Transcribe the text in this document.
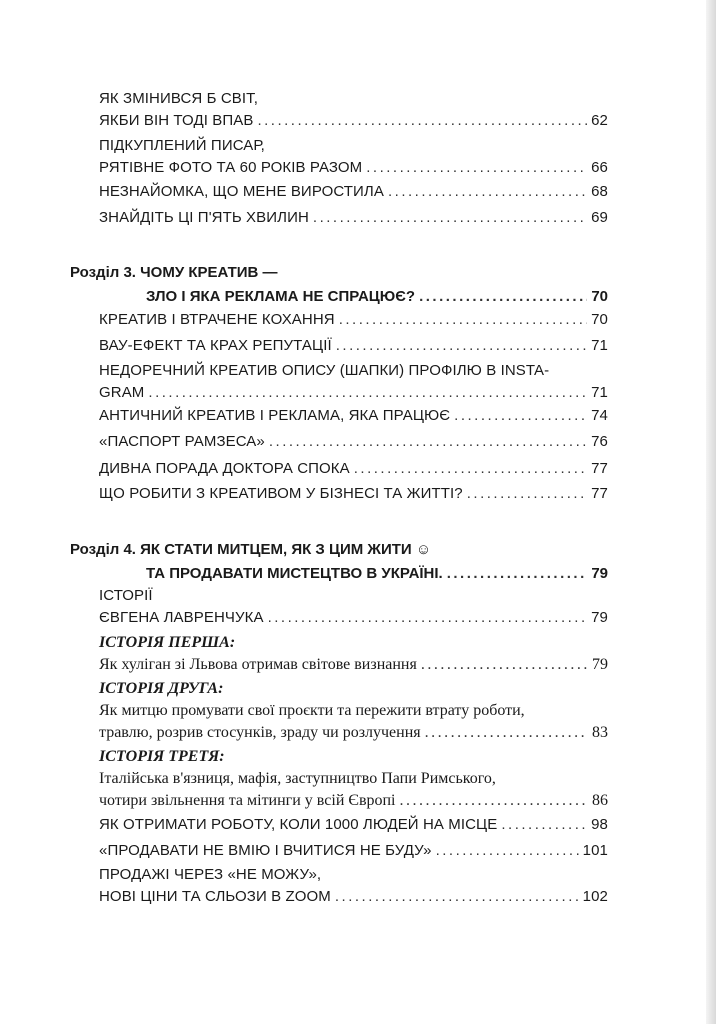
ЯК ЗМІНИВСЯ Б СВІТ,
ЯКБИ ВІН ТОДІ ВПАВ .....	62
ПІДКУПЛЕНИЙ ПИСАР,
РЯТІВНЕ ФОТО ТА 60 РОКІВ РАЗОМ .....	66
НЕЗНАЙОМКА, ЩО МЕНЕ ВИРОСТИЛА .....	68
ЗНАЙДІТЬ ЦІ П'ЯТЬ ХВИЛИН .....	69
Розділ 3. ЧОМУ КРЕАТИВ —
ЗЛО І ЯКА РЕКЛАМА НЕ СПРАЦЮЄ? .....	70
КРЕАТИВ І ВТРАЧЕНЕ КОХАННЯ .....	70
ВАУ-ЕФЕКТ ТА КРАХ РЕПУТАЦІЇ .....	71
НЕДОРЕЧНИЙ КРЕАТИВ ОПИСУ (ШАПКИ) ПРОФІЛЮ В INSTA-
GRAM .....	71
АНТИЧНИЙ КРЕАТИВ І РЕКЛАМА, ЯКА ПРАЦЮЄ .....	74
«ПАСПОРТ РАМЗЕСА» .....	76
ДИВНА ПОРАДА ДОКТОРА СПОКА .....	77
ЩО РОБИТИ З КРЕАТИВОМ У БІЗНЕСІ ТА ЖИТТІ? .....	77
Розділ 4. ЯК СТАТИ МИТЦЕМ, ЯК З ЦИМ ЖИТИ ☺
ТА ПРОДАВАТИ МИСТЕЦТВО В УКРАЇНІ. .....	79
ІСТОРІЇ
ЄВГЕНА ЛАВРЕНЧУКА .....	79
ІСТОРІЯ ПЕРША:
Як хуліган зі Львова отримав світове визнання .....	79
ІСТОРІЯ ДРУГА:
Як митцю промувати свої проєкти та пережити втрату роботи,
травлю, розрив стосунків, зраду чи розлучення .....	83
ІСТОРІЯ ТРЕТЯ:
Італійська в'язниця, мафія, заступництво Папи Римського,
чотири звільнення та мітинги у всій Європі .....	86
ЯК ОТРИМАТИ РОБОТУ, КОЛИ 1000 ЛЮДЕЙ НА МІСЦЕ .....	98
«ПРОДАВАТИ НЕ ВМІЮ І ВЧИТИСЯ НЕ БУДУ» .....	101
ПРОДАЖІ ЧЕРЕЗ «НЕ МОЖУ»,
НОВІ ЦІНИ ТА СЛЬОЗИ В ZOOM .....	102
